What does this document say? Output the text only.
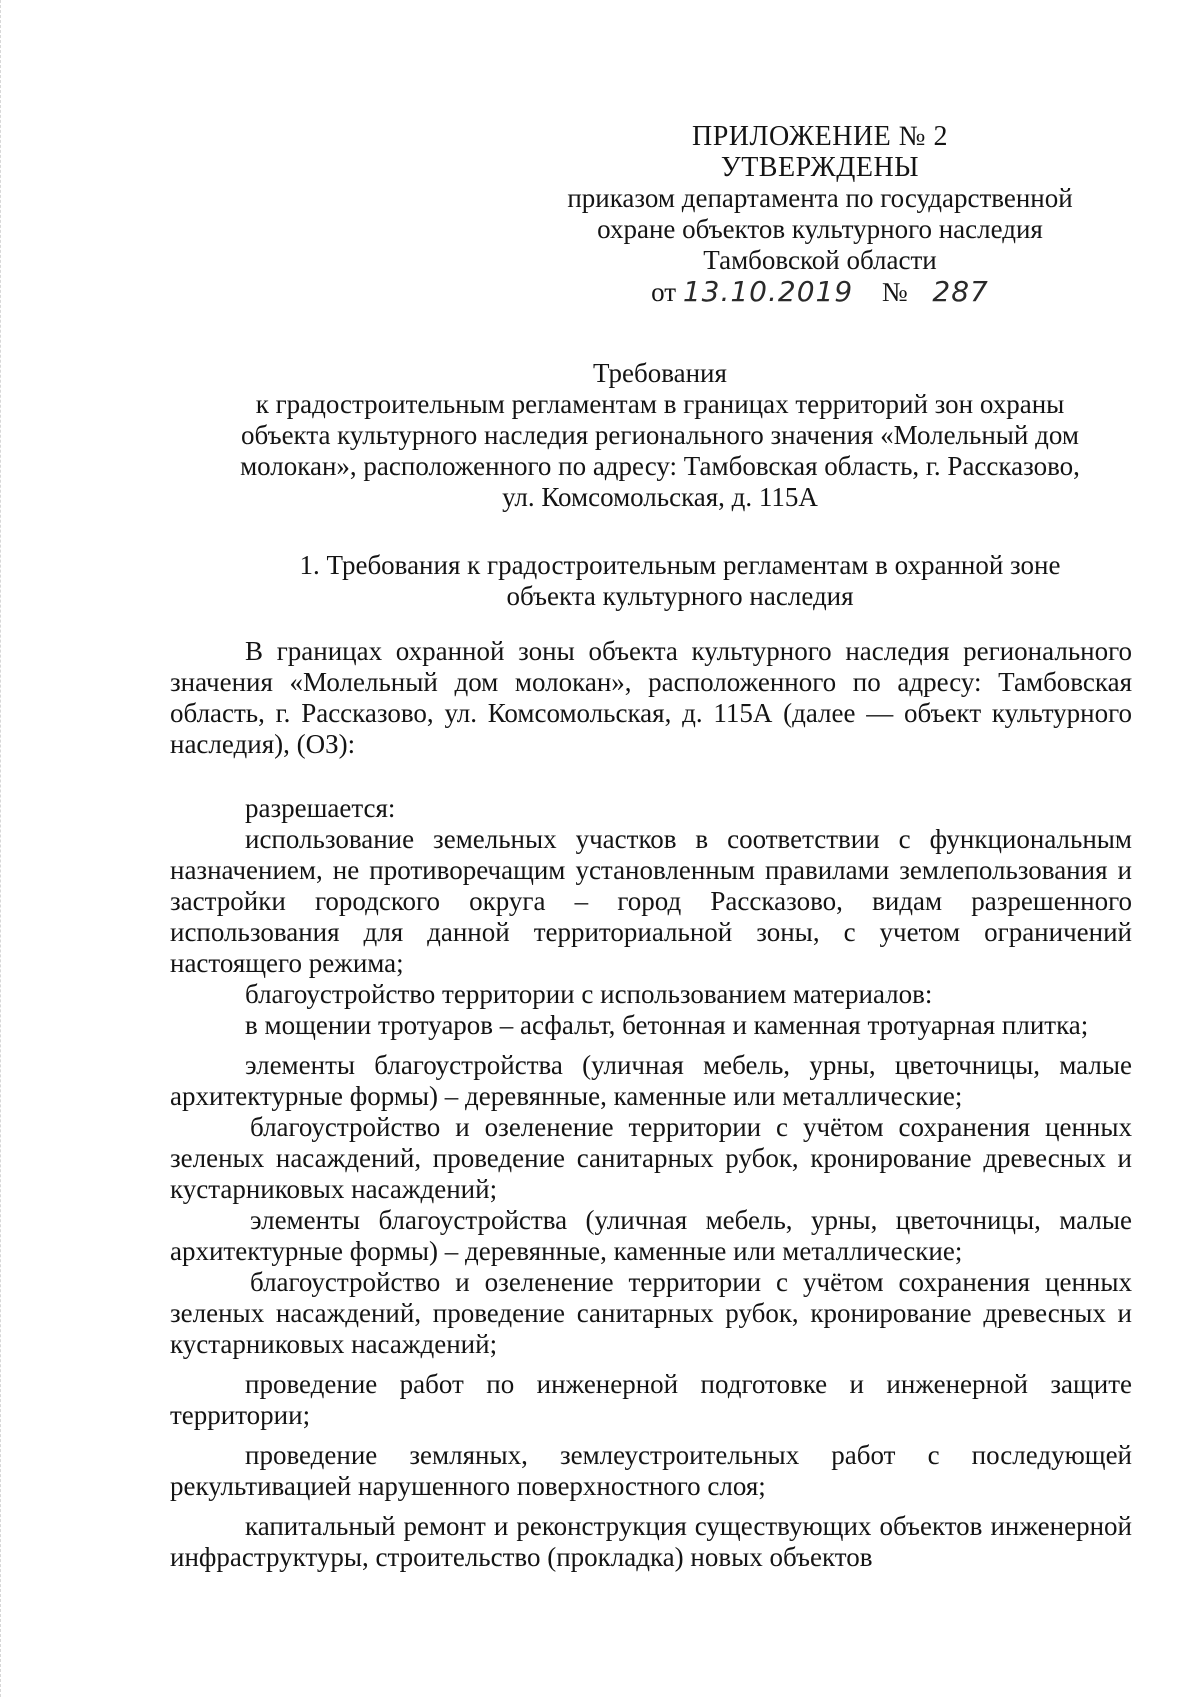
ПРИЛОЖЕНИЕ № 2
УТВЕРЖДЕНЫ
приказом департамента по государственной
охране объектов культурного наследия
Тамбовской области
от 13.10.2019 № 287
Требования
к градостроительным регламентам в границах территорий зон охраны
объекта культурного наследия регионального значения «Молельный дом
молокан», расположенного по адресу: Тамбовская область, г. Рассказово,
ул. Комсомольская, д. 115А
1. Требования к градостроительным регламентам в охранной зоне
объекта культурного наследия

В границах охранной зоны объекта культурного наследия регионального значения «Молельный дом молокан», расположенного по адресу: Тамбовская область, г. Рассказово, ул. Комсомольская, д. 115А (далее — объект культурного наследия), (ОЗ):

разрешается:

использование земельных участков в соответствии с функциональным назначением, не противоречащим установленным правилами землепользования и застройки городского округа – город Рассказово, видам разрешенного использования для данной территориальной зоны, с учетом ограничений настоящего режима;

благоустройство территории с использованием материалов:

в мощении тротуаров – асфальт, бетонная и каменная тротуарная плитка;

элементы благоустройства (уличная мебель, урны, цветочницы, малые архитектурные формы) – деревянные, каменные или металлические;

благоустройство и озеленение территории с учётом сохранения ценных зеленых насаждений, проведение санитарных рубок, кронирование древесных и кустарниковых насаждений;

элементы благоустройства (уличная мебель, урны, цветочницы, малые архитектурные формы) – деревянные, каменные или металлические;

благоустройство и озеленение территории с учётом сохранения ценных зеленых насаждений, проведение санитарных рубок, кронирование древесных и кустарниковых насаждений;

проведение работ по инженерной подготовке и инженерной защите территории;

проведение земляных, землеустроительных работ с последующей рекультивацией нарушенного поверхностного слоя;

капитальный ремонт и реконструкция существующих объектов инженерной инфраструктуры, строительство (прокладка) новых объектов
